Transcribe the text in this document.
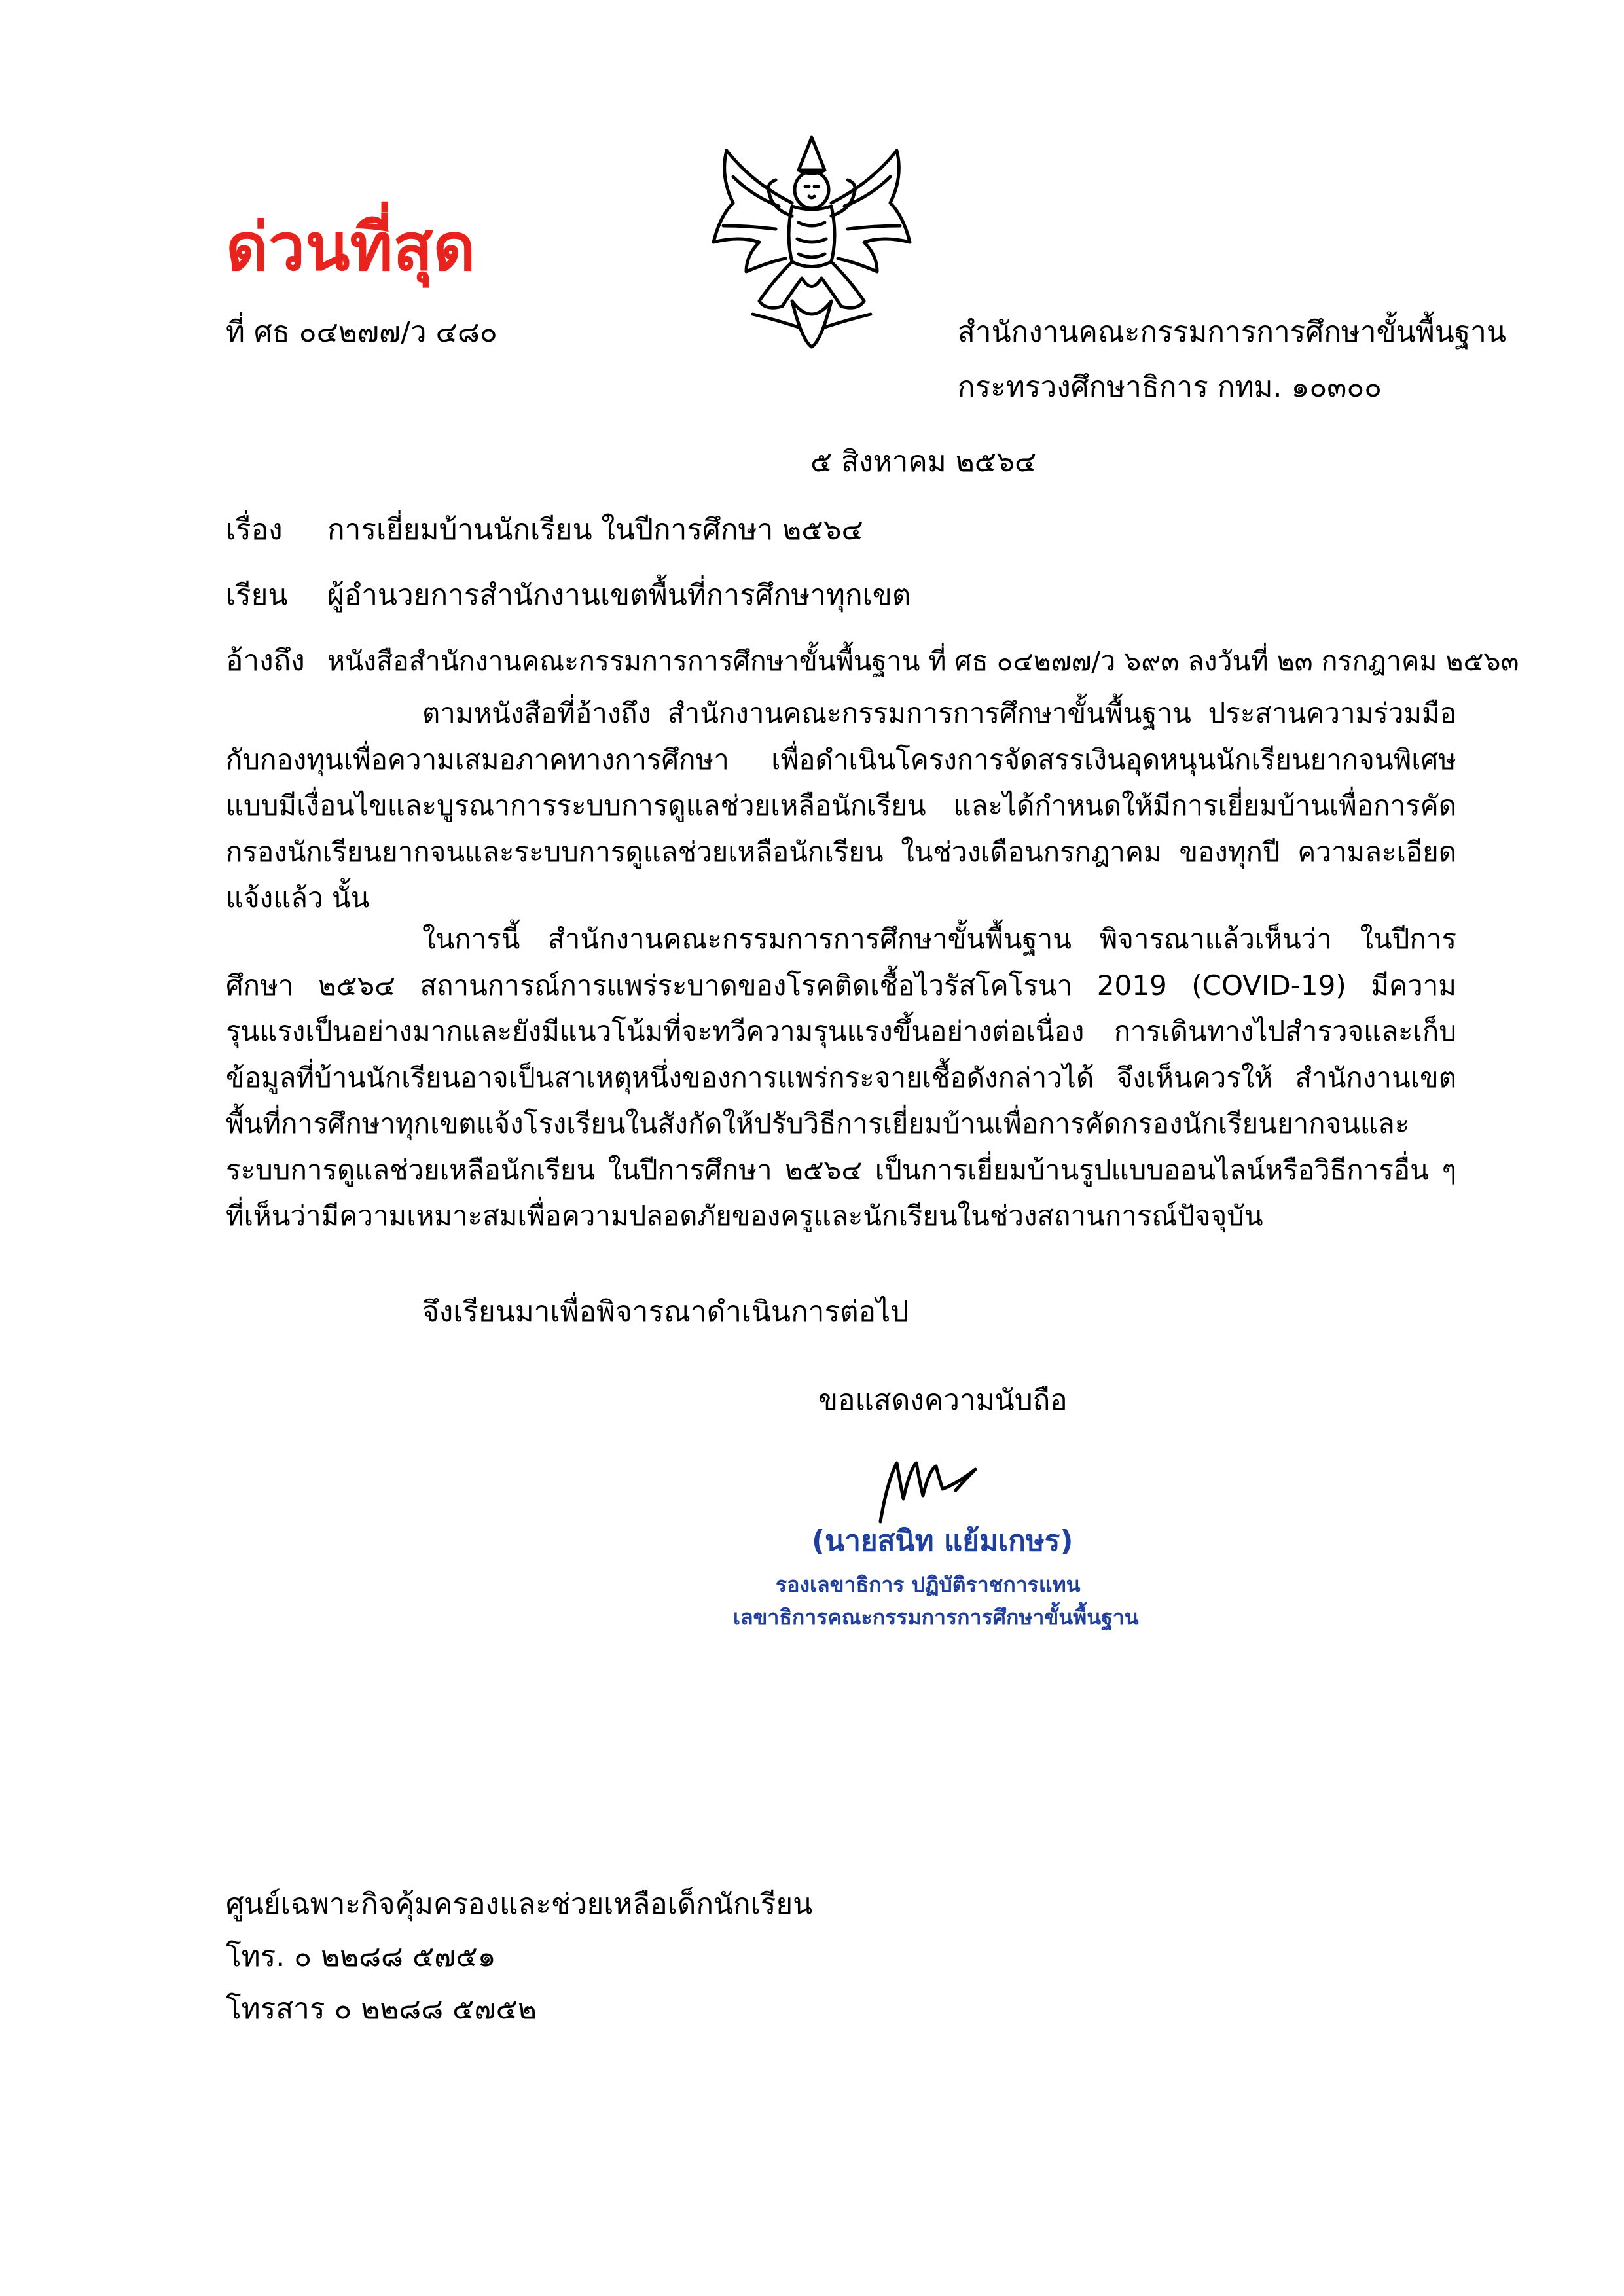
ด่วนที่สุด
ที่ ศธ ๐๔๒๗๗/ว ๔๘๐	สำนักงานคณะกรรมการการศึกษาขั้นพื้นฐาน
กระทรวงศึกษาธิการ กทม. ๑๐๓๐๐
๕ สิงหาคม ๒๕๖๔
เรื่อง การเยี่ยมบ้านนักเรียน ในปีการศึกษา ๒๕๖๔
เรียน ผู้อำนวยการสำนักงานเขตพื้นที่การศึกษาทุกเขต
อ้างถึง หนังสือสำนักงานคณะกรรมการการศึกษาขั้นพื้นฐาน ที่ ศธ ๐๔๒๗๗/ว ๖๙๓ ลงวันที่ ๒๓ กรกฎาคม ๒๕๖๓

ตามหนังสือที่อ้างถึง สำนักงานคณะกรรมการการศึกษาขั้นพื้นฐาน ประสานความร่วมมือกับกองทุนเพื่อความเสมอภาคทางการศึกษา เพื่อดำเนินโครงการจัดสรรเงินอุดหนุนนักเรียนยากจนพิเศษแบบมีเงื่อนไขและบูรณาการระบบการดูแลช่วยเหลือนักเรียน และได้กำหนดให้มีการเยี่ยมบ้านเพื่อการคัดกรองนักเรียนยากจนและระบบการดูแลช่วยเหลือนักเรียน ในช่วงเดือนกรกฎาคม ของทุกปี ความละเอียดแจ้งแล้ว นั้น

ในการนี้ สำนักงานคณะกรรมการการศึกษาขั้นพื้นฐาน พิจารณาแล้วเห็นว่า ในปีการศึกษา ๒๕๖๔ สถานการณ์การแพร่ระบาดของโรคติดเชื้อไวรัสโคโรนา 2019 (COVID-19) มีความรุนแรงเป็นอย่างมากและยังมีแนวโน้มที่จะทวีความรุนแรงขึ้นอย่างต่อเนื่อง การเดินทางไปสำรวจและเก็บข้อมูลที่บ้านนักเรียนอาจเป็นสาเหตุหนึ่งของการแพร่กระจายเชื้อดังกล่าวได้ จึงเห็นควรให้ สำนักงานเขตพื้นที่การศึกษาทุกเขตแจ้งโรงเรียนในสังกัดให้ปรับวิธีการเยี่ยมบ้านเพื่อการคัดกรองนักเรียนยากจนและระบบการดูแลช่วยเหลือนักเรียน ในปีการศึกษา ๒๕๖๔ เป็นการเยี่ยมบ้านรูปแบบออนไลน์หรือวิธีการอื่น ๆ ที่เห็นว่ามีความเหมาะสมเพื่อความปลอดภัยของครูและนักเรียนในช่วงสถานการณ์ปัจจุบัน

จึงเรียนมาเพื่อพิจารณาดำเนินการต่อไป
ขอแสดงความนับถือ
(นายสนิท แย้มเกษร)
รองเลขาธิการ ปฏิบัติราชการแทน
เลขาธิการคณะกรรมการการศึกษาขั้นพื้นฐาน
ศูนย์เฉพาะกิจคุ้มครองและช่วยเหลือเด็กนักเรียน
โทร. ๐ ๒๒๘๘ ๕๗๕๑
โทรสาร ๐ ๒๒๘๘ ๕๗๕๒
